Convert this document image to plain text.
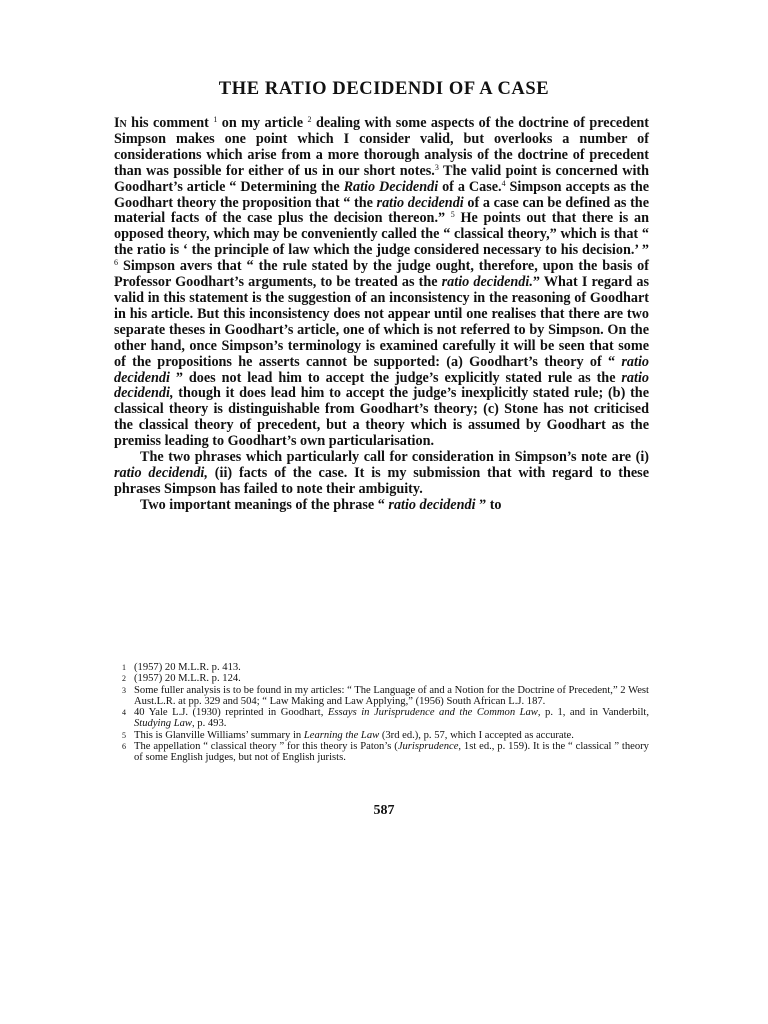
THE RATIO DECIDENDI OF A CASE

In his comment $^1$ on my article $^2$ dealing with some aspects of the doctrine of precedent Simpson makes one point which I consider valid, but overlooks a number of considerations which arise from a more thorough analysis of the doctrine of precedent than was possible for either of us in our short notes.$^3$ The valid point is concerned with Goodhart’s article “ Determining the Ratio Decidendi of a Case.$^4$ Simpson accepts as the Goodhart theory the proposition that “ the ratio decidendi of a case can be defined as the material facts of the case plus the decision thereon.” $^5$ He points out that there is an opposed theory, which may be conveniently called the “ classical theory,” which is that “ the ratio is ‘ the principle of law which the judge considered necessary to his decision.’ ” $^6$ Simpson avers that “ the rule stated by the judge ought, therefore, upon the basis of Professor Goodhart’s arguments, to be treated as the ratio decidendi.” What I regard as valid in this statement is the suggestion of an inconsistency in the reasoning of Goodhart in his article. But this inconsistency does not appear until one realises that there are two separate theses in Goodhart’s article, one of which is not referred to by Simpson. On the other hand, once Simpson’s terminology is examined carefully it will be seen that some of the propositions he asserts cannot be supported: (a) Goodhart’s theory of “ ratio decidendi ” does not lead him to accept the judge’s explicitly stated rule as the ratio decidendi, though it does lead him to accept the judge’s inexplicitly stated rule; (b) the classical theory is distinguishable from Goodhart’s theory; (c) Stone has not criticised the classical theory of precedent, but a theory which is assumed by Goodhart as the premiss leading to Goodhart’s own particularisation.

The two phrases which particularly call for consideration in Simpson’s note are (i) ratio decidendi, (ii) facts of the case. It is my submission that with regard to these phrases Simpson has failed to note their ambiguity.

Two important meanings of the phrase “ ratio decidendi ” to

1 (1957) 20 M.L.R. p. 413.
2 (1957) 20 M.L.R. p. 124.
3 Some fuller analysis is to be found in my articles: “ The Language of and a Notion for the Doctrine of Precedent,” 2 West Aust.L.R. at pp. 329 and 504; “ Law Making and Law Applying,” (1956) South African L.J. 187.
4 40 Yale L.J. (1930) reprinted in Goodhart, Essays in Jurisprudence and the Common Law, p. 1, and in Vanderbilt, Studying Law, p. 493.
5 This is Glanville Williams’ summary in Learning the Law (3rd ed.), p. 57, which I accepted as accurate.
6 The appellation “ classical theory ” for this theory is Paton’s (Jurisprudence, 1st ed., p. 159). It is the “ classical ” theory of some English judges, but not of English jurists.
587
